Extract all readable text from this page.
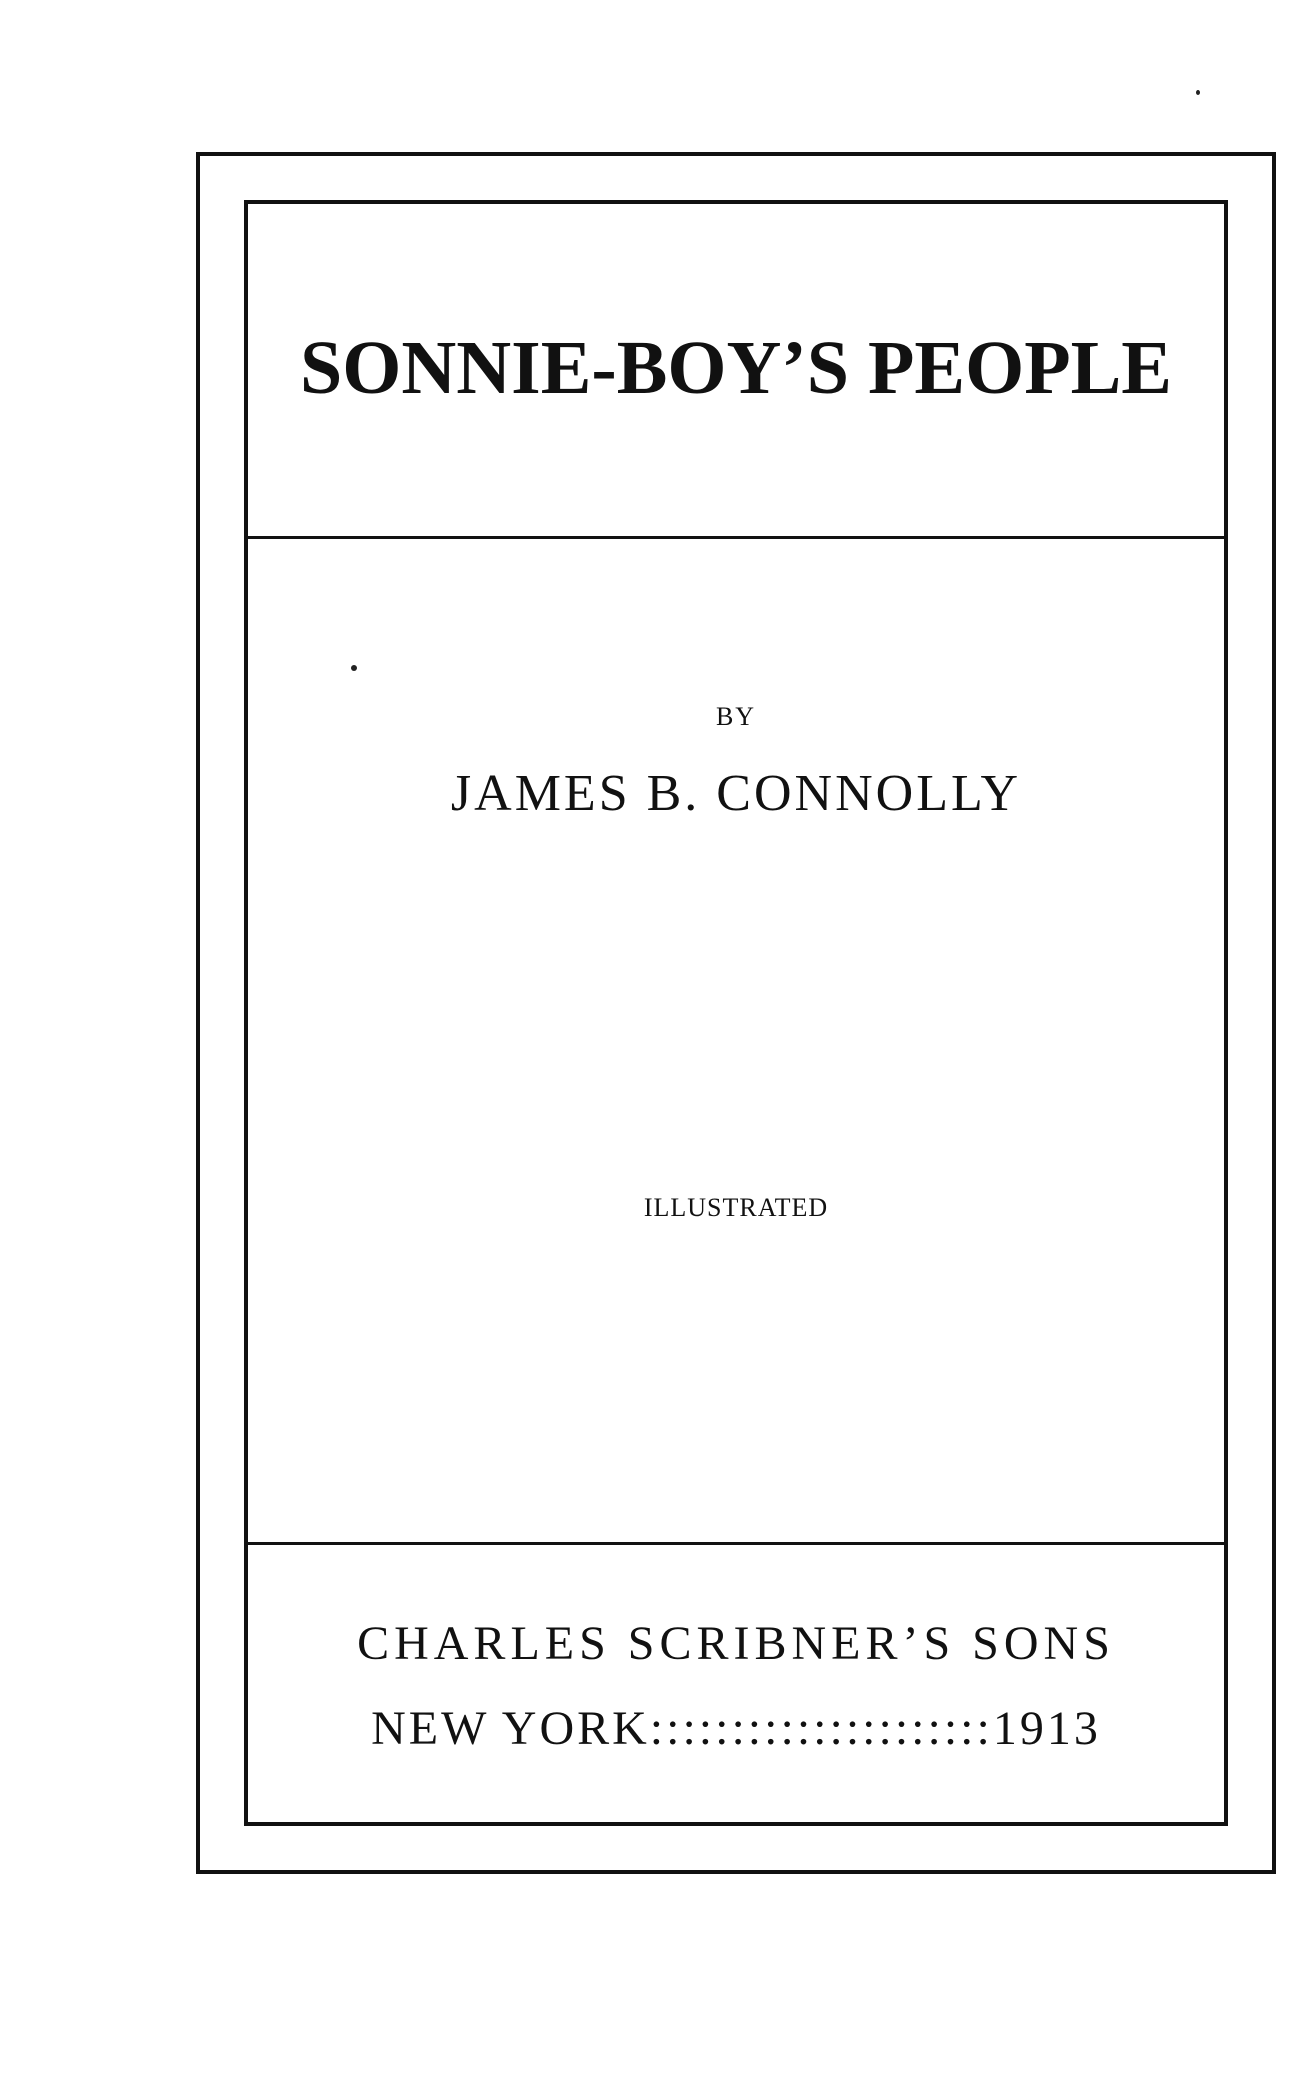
SONNIE-BOY’S PEOPLE

BY

JAMES B. CONNOLLY

ILLUSTRATED

CHARLES SCRIBNER’S SONS

NEW YORK:::::::::::::::::::::1913
